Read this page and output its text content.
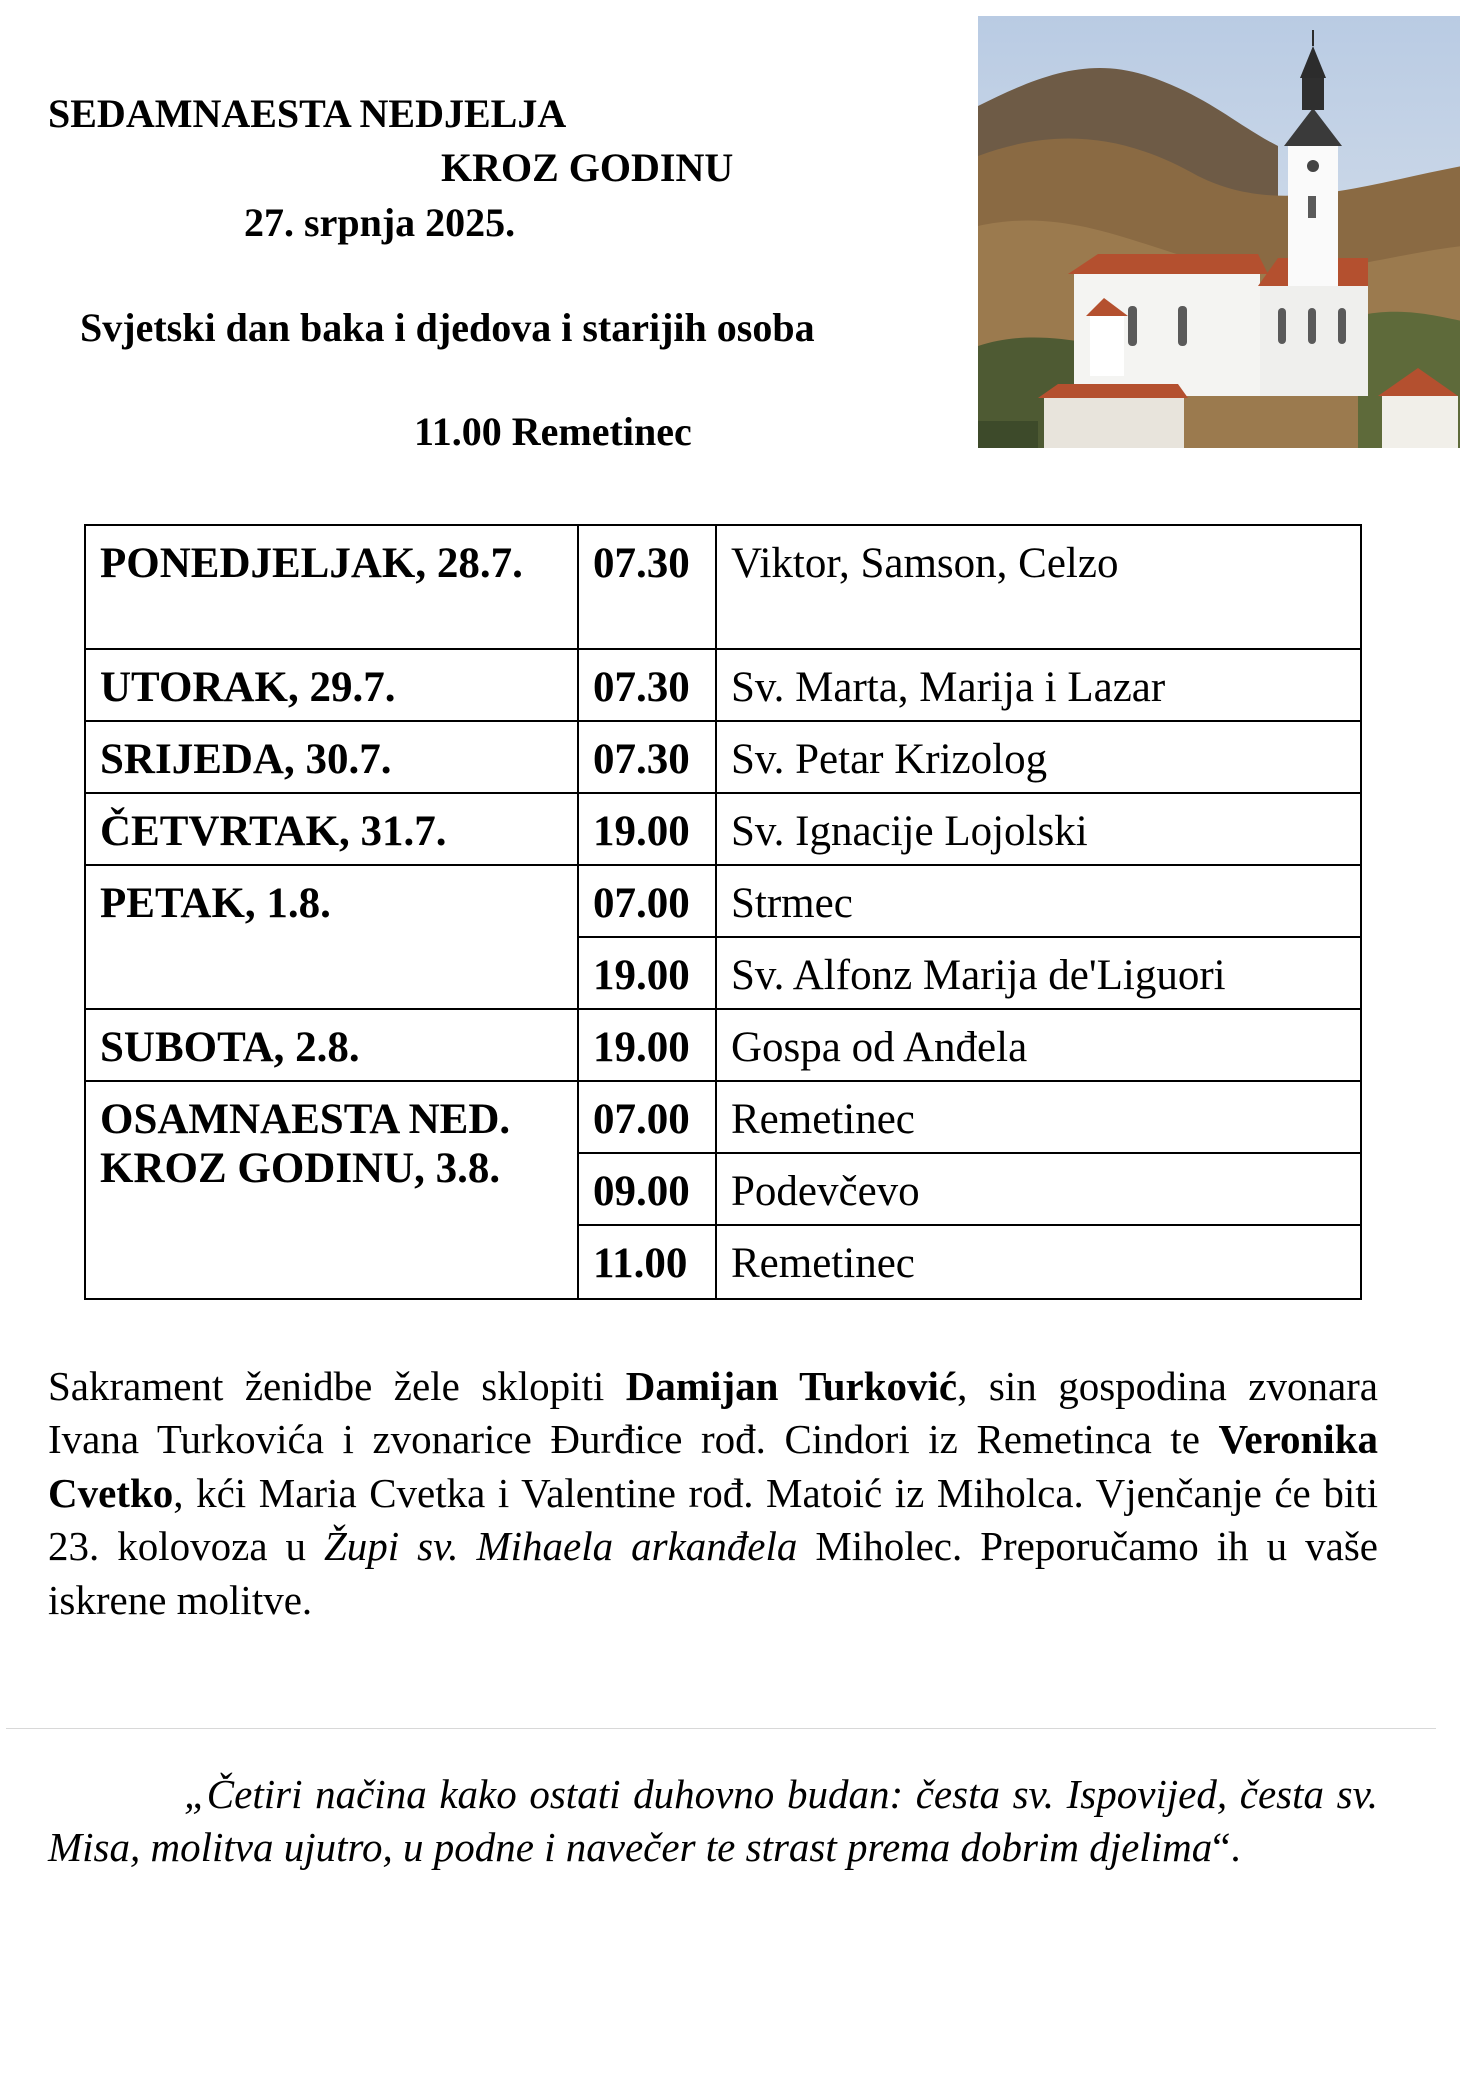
SEDAMNAESTA NEDJELJA
KROZ GODINU
27. srpnja 2025.
Svjetski dan baka i djedova i starijih osoba
11.00 Remetinec
PONEDJELJAK, 28.7.	07.30	Viktor, Samson, Celzo
UTORAK, 29.7.	07.30	Sv. Marta, Marija i Lazar
SRIJEDA, 30.7.	07.30	Sv. Petar Krizolog
ČETVRTAK, 31.7.	19.00	Sv. Ignacije Lojolski
PETAK, 1.8.	07.00	Strmec
	19.00	Sv. Alfonz Marija de'Liguori
SUBOTA, 2.8.	19.00	Gospa od Anđela
OSAMNAESTA NED. KROZ GODINU, 3.8.	07.00	Remetinec
	09.00	Podevčevo
	11.00	Remetinec

Sakrament ženidbe žele sklopiti Damijan Turković, sin gospodina zvonara Ivana Turkovića i zvonarice Đurđice rođ. Cindori iz Remetinca te Veronika Cvetko, kći Maria Cvetka i Valentine rođ. Matoić iz Miholca. Vjenčanje će biti 23. kolovoza u Župi sv. Mihaela arkanđela Miholec. Preporučamo ih u vaše iskrene molitve.

„Četiri načina kako ostati duhovno budan: česta sv. Ispovijed, česta sv. Misa, molitva ujutro, u podne i navečer te strast prema dobrim djelima“.
